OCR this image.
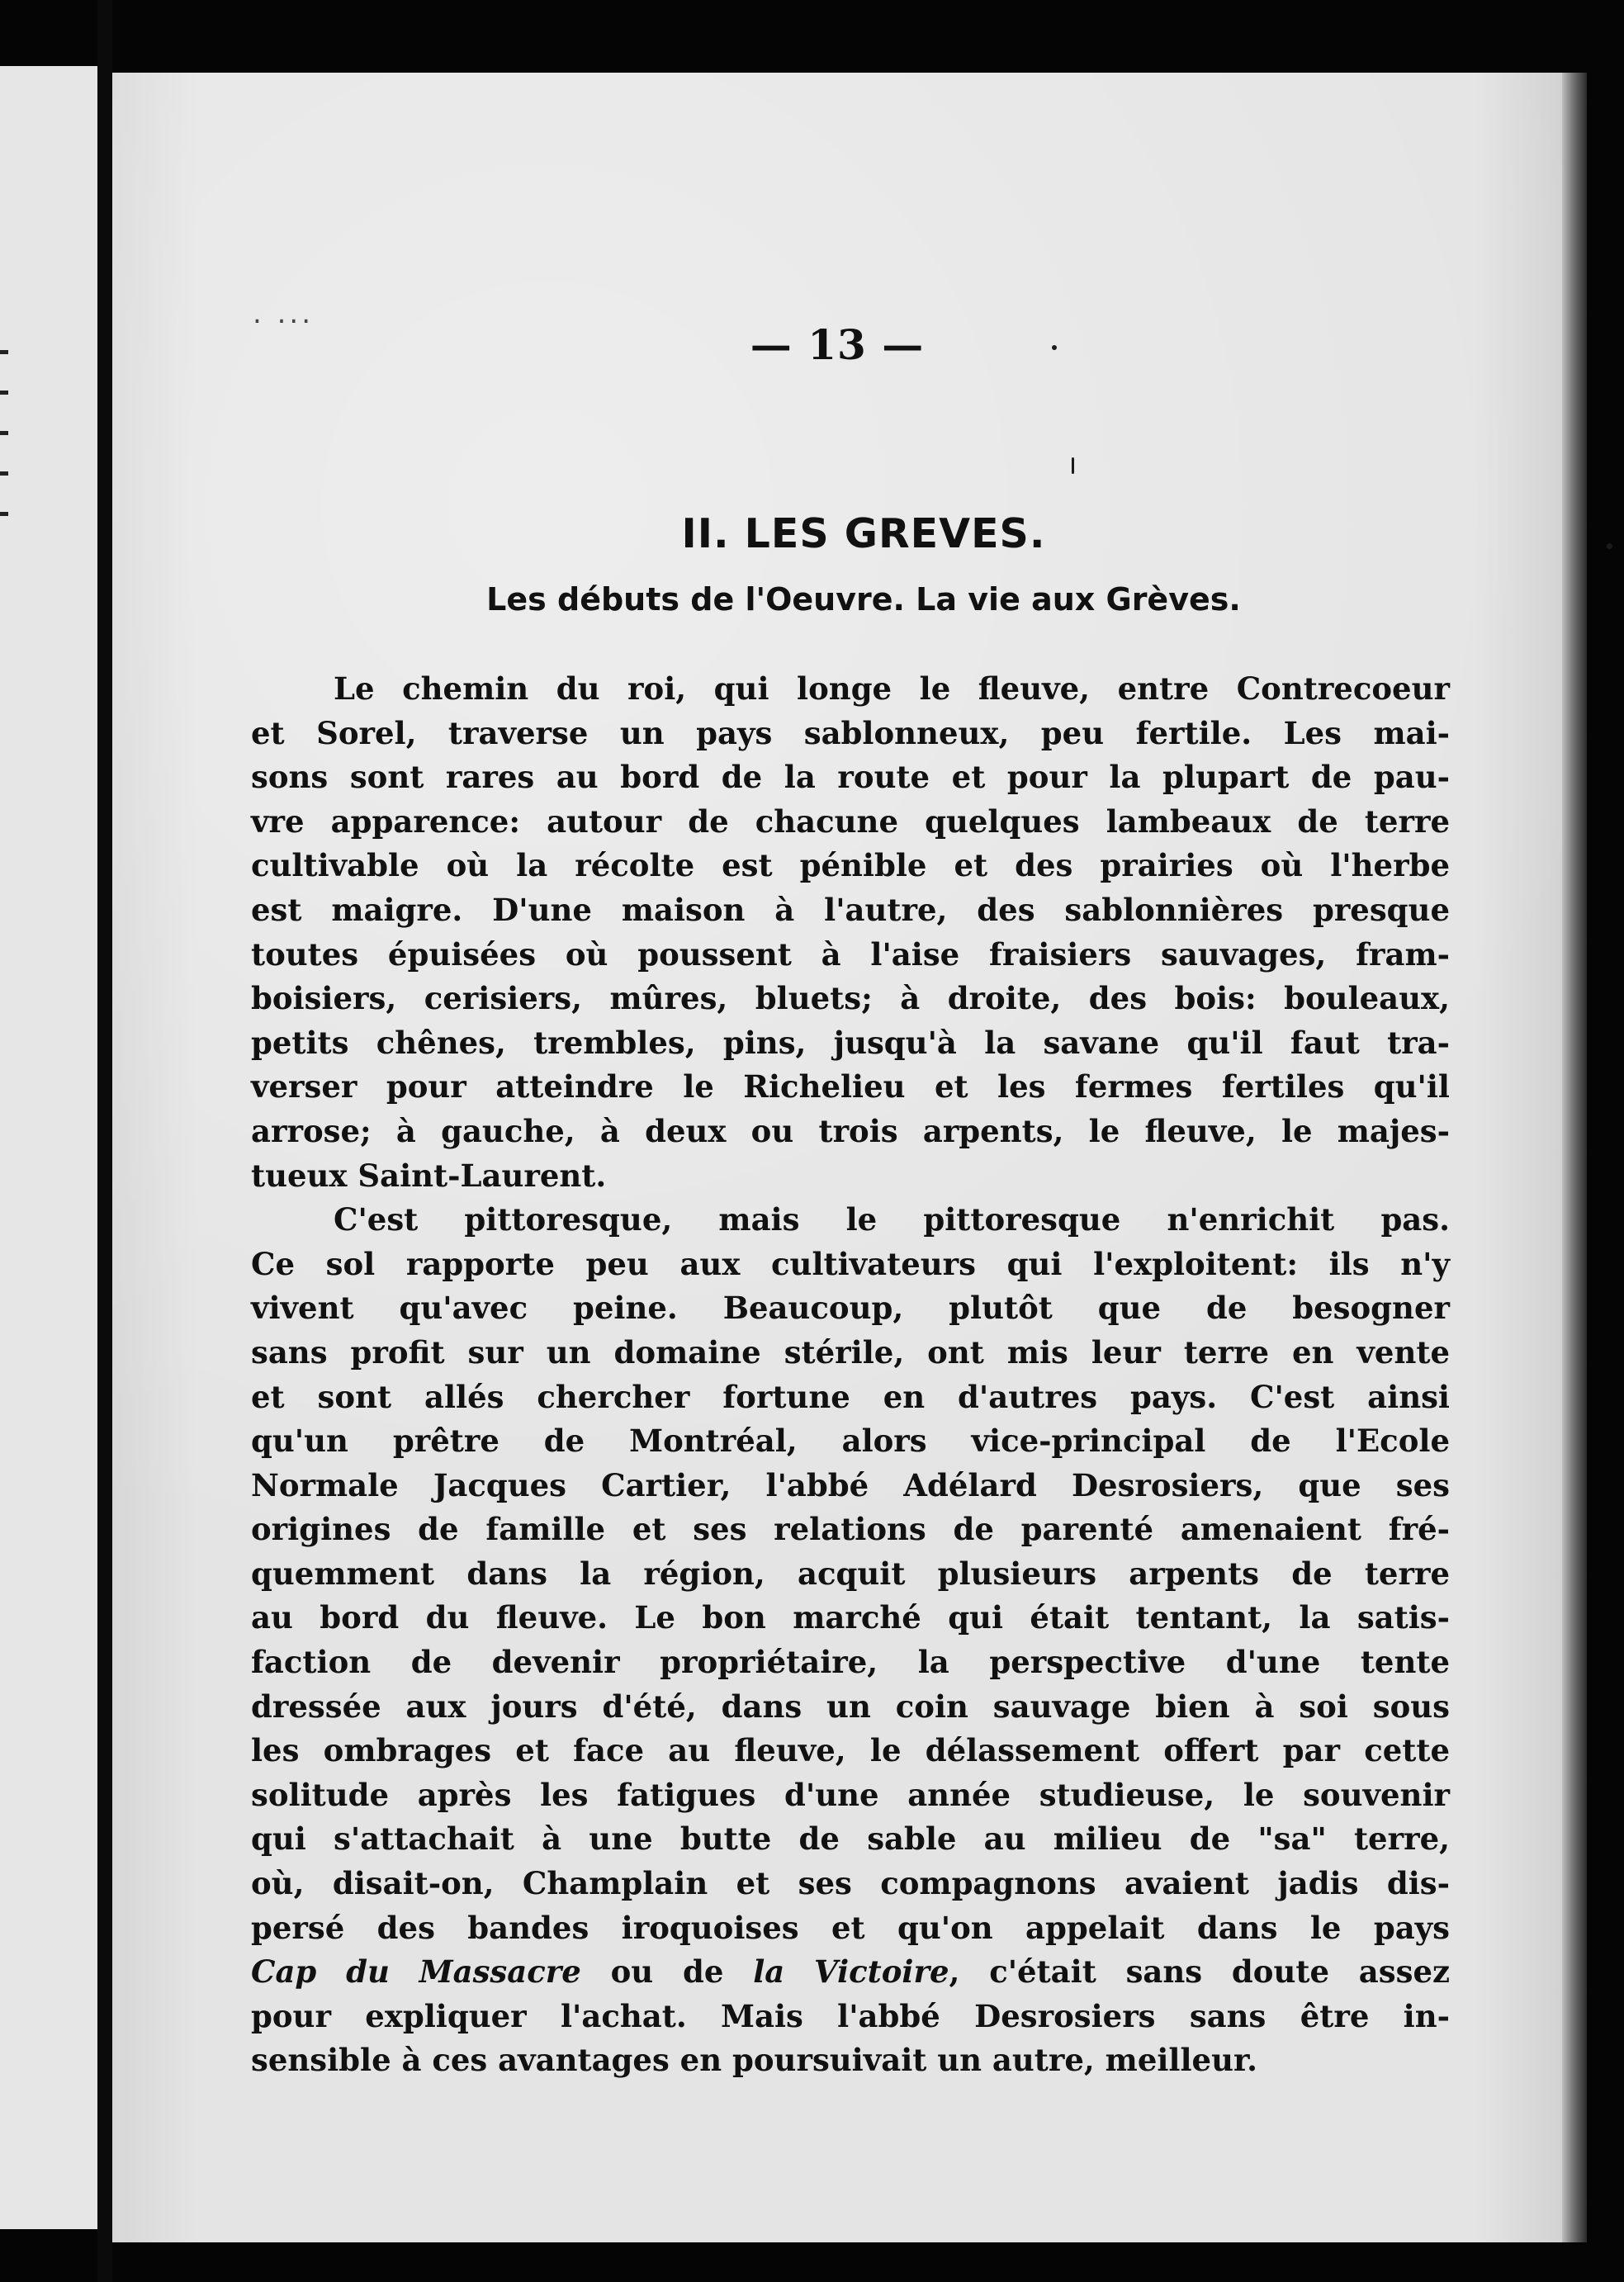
. ...
— 13 —
II. LES GREVES.
Les débuts de l'Oeuvre. La vie aux Grèves.

Le chemin du roi, qui longe le fleuve, entre Contrecoeur

et Sorel, traverse un pays sablonneux, peu fertile. Les mai-

sons sont rares au bord de la route et pour la plupart de pau-

vre apparence: autour de chacune quelques lambeaux de terre

cultivable où la récolte est pénible et des prairies où l'herbe

est maigre. D'une maison à l'autre, des sablonnières presque

toutes épuisées où poussent à l'aise fraisiers sauvages, fram-

boisiers, cerisiers, mûres, bluets; à droite, des bois: bouleaux,

petits chênes, trembles, pins, jusqu'à la savane qu'il faut tra-

verser pour atteindre le Richelieu et les fermes fertiles qu'il

arrose; à gauche, à deux ou trois arpents, le fleuve, le majes-

tueux Saint-Laurent.

C'est pittoresque, mais le pittoresque n'enrichit pas.

Ce sol rapporte peu aux cultivateurs qui l'exploitent: ils n'y

vivent qu'avec peine. Beaucoup, plutôt que de besogner

sans profit sur un domaine stérile, ont mis leur terre en vente

et sont allés chercher fortune en d'autres pays. C'est ainsi

qu'un prêtre de Montréal, alors vice-principal de l'Ecole

Normale Jacques Cartier, l'abbé Adélard Desrosiers, que ses

origines de famille et ses relations de parenté amenaient fré-

quemment dans la région, acquit plusieurs arpents de terre

au bord du fleuve. Le bon marché qui était tentant, la satis-

faction de devenir propriétaire, la perspective d'une tente

dressée aux jours d'été, dans un coin sauvage bien à soi sous

les ombrages et face au fleuve, le délassement offert par cette

solitude après les fatigues d'une année studieuse, le souvenir

qui s'attachait à une butte de sable au milieu de "sa" terre,

où, disait-on, Champlain et ses compagnons avaient jadis dis-

persé des bandes iroquoises et qu'on appelait dans le pays

Cap du Massacre ou de la Victoire, c'était sans doute assez

pour expliquer l'achat. Mais l'abbé Desrosiers sans être in-

sensible à ces avantages en poursuivait un autre, meilleur.
